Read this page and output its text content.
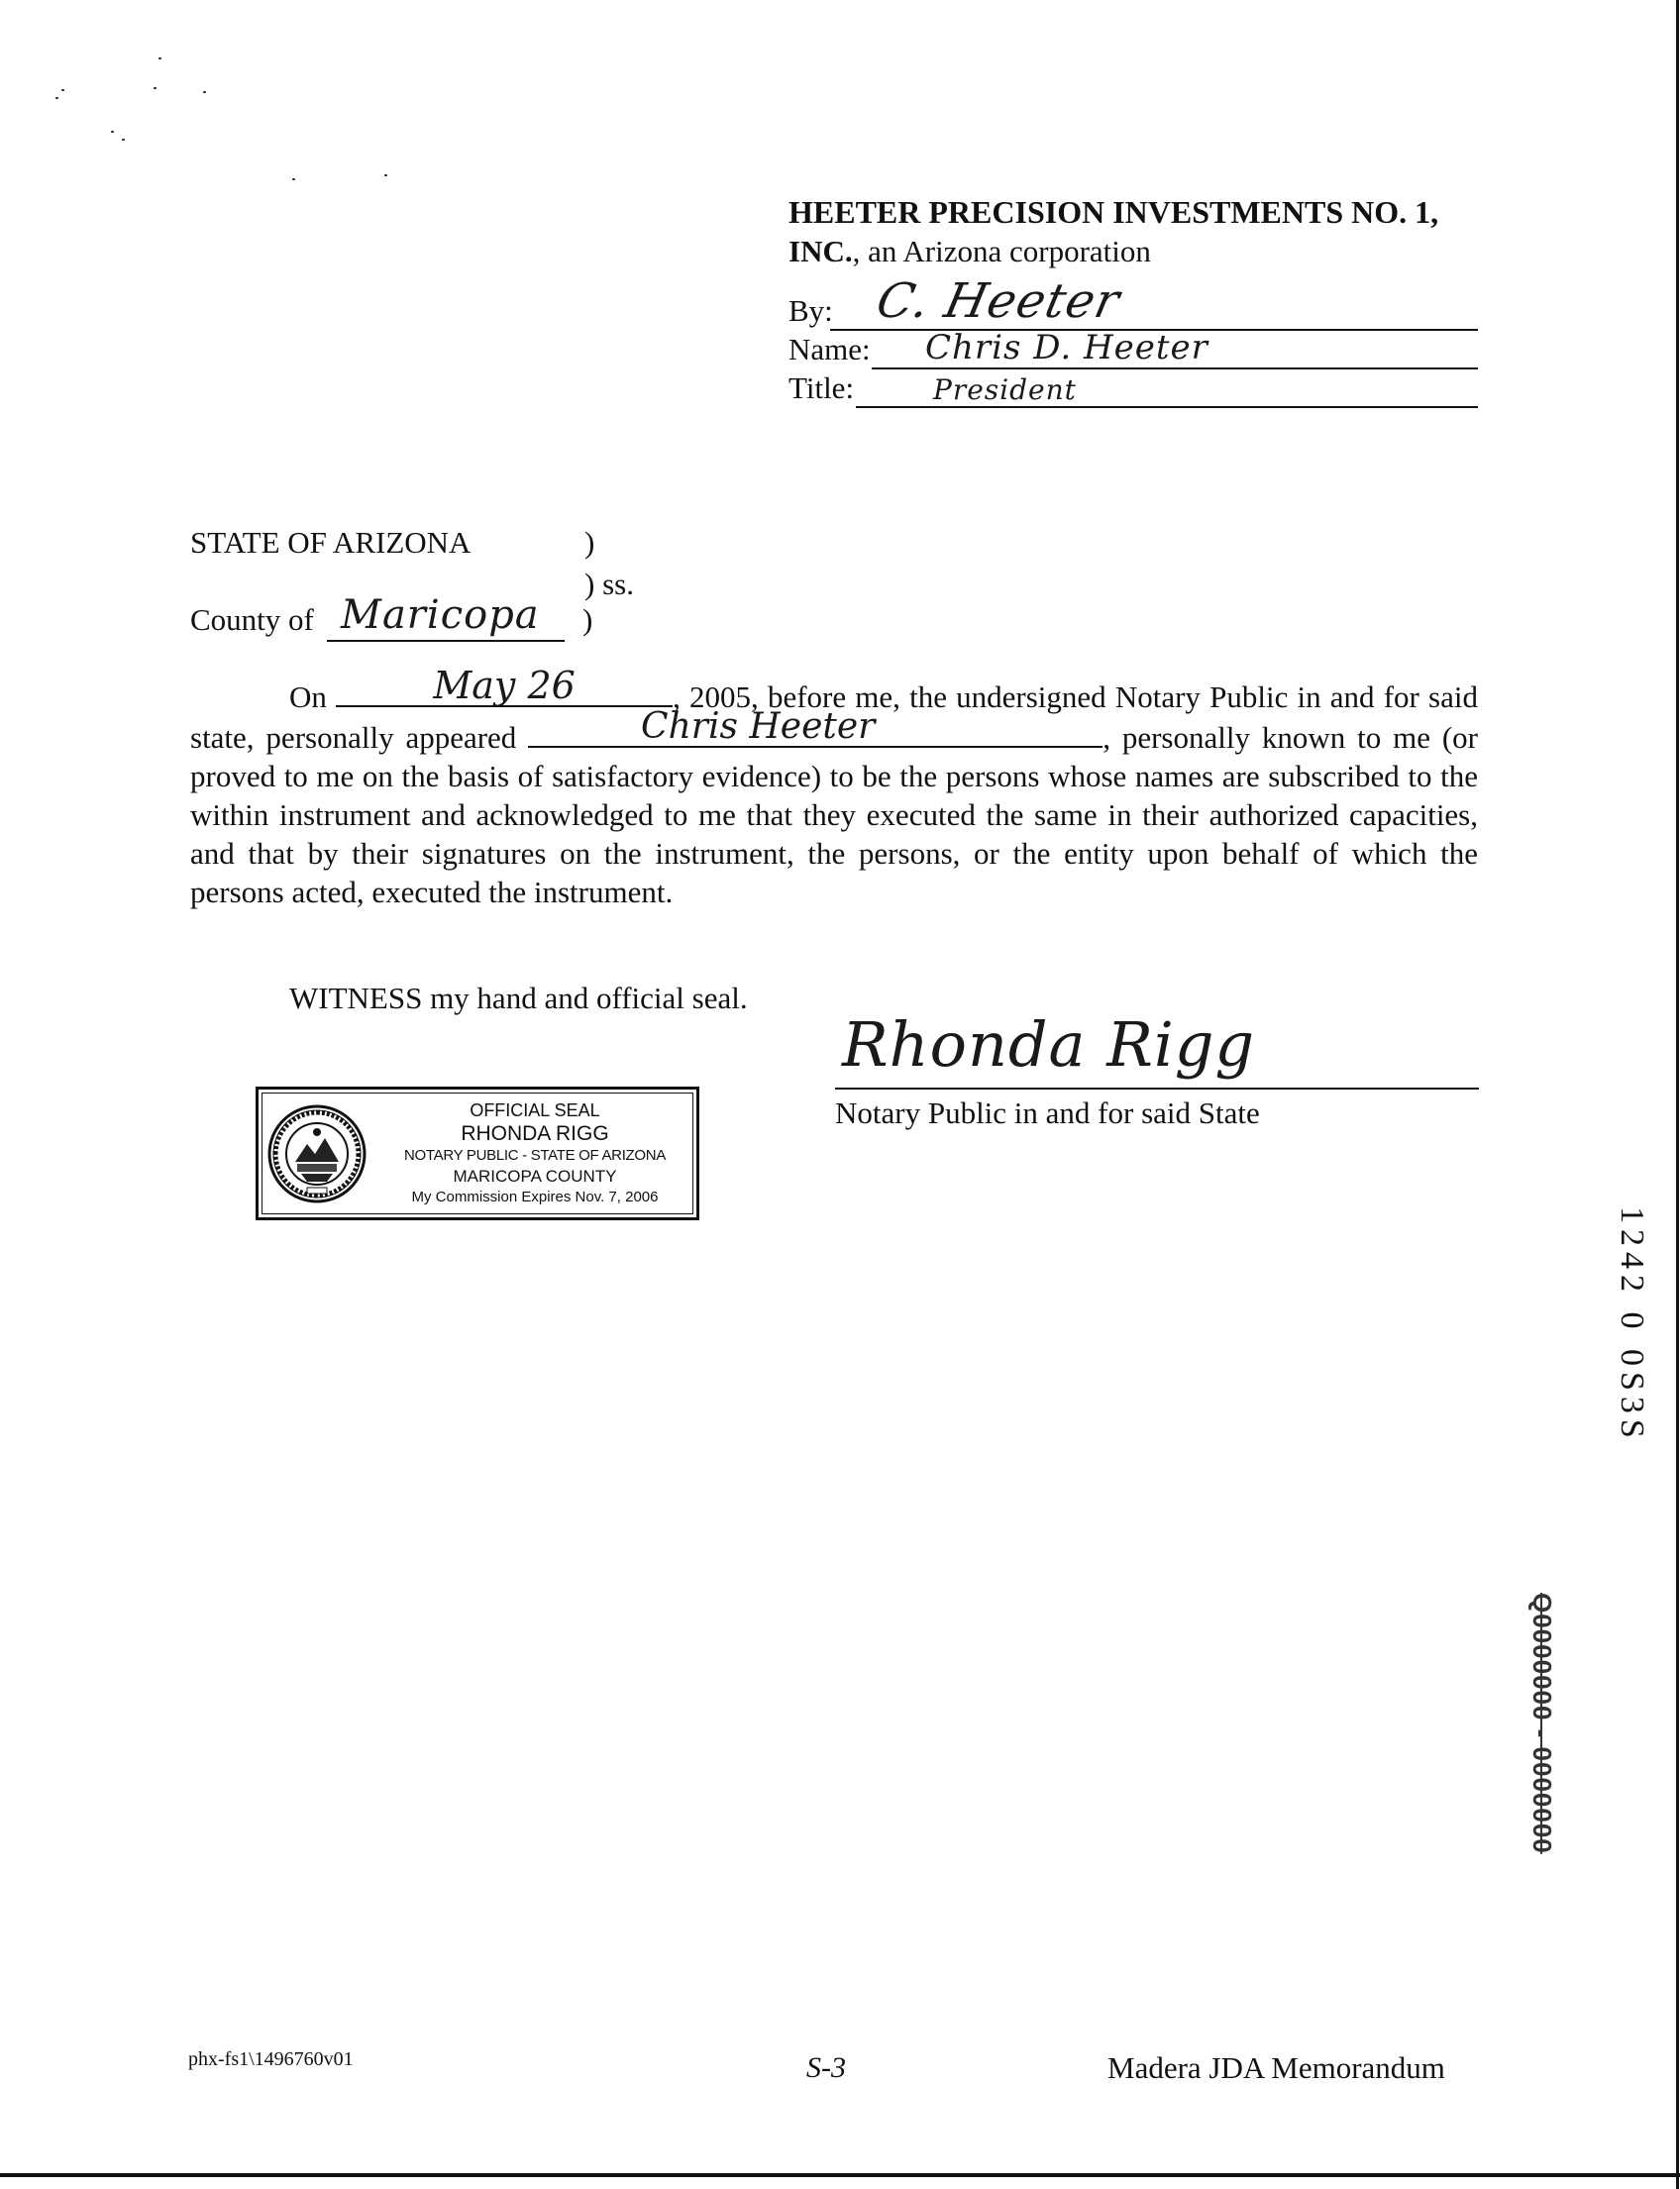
HEETER PRECISION INVESTMENTS NO. 1,
INC., an Arizona corporation
By: C. Heeter
Name: Chris D. Heeter
Title:	President
STATE OF ARIZONA	)
) ss.
County of Maricopa )
On	May 26	, 2005, before me, the undersigned Notary Public in and for said state, personally appeared	Chris Heeter	, personally known to me (or proved to me on the basis of satisfactory evidence) to be the persons whose names are subscribed to the within instrument and acknowledged to me that they executed the same in their authorized capacities, and that by their signatures on the instrument, the persons, or the entity upon behalf of which the persons acted, executed the instrument.
WITNESS my hand and official seal.
Rhonda Rigg
Notary Public in and for said State
OFFICIAL SEAL
RHONDA RIGG
NOTARY PUBLIC - STATE OF ARIZONA
MARICOPA COUNTY
My Commission Expires Nov. 7, 2006
1242 0 0S3S
Q0000000 - 0000000
phx-fs1\1496760v01	S-3	Madera JDA Memorandum
